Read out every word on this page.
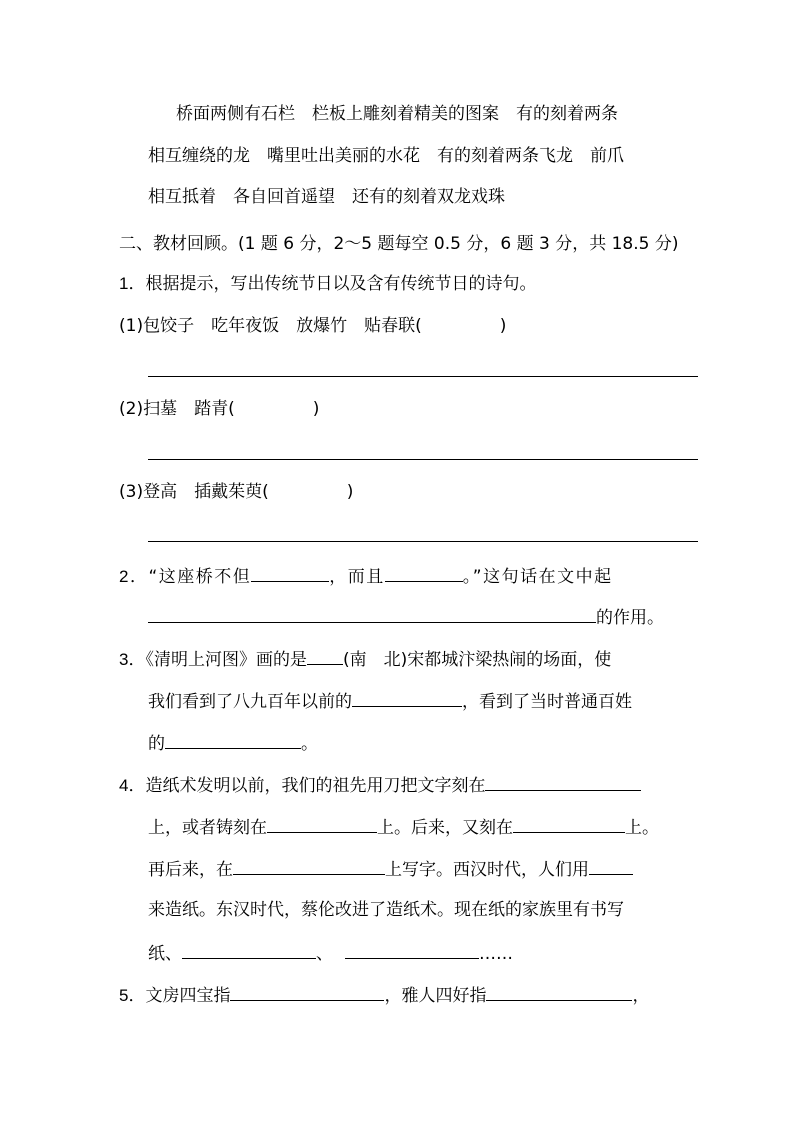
桥面两侧有石栏　栏板上雕刻着精美的图案　有的刻着两条
相互缠绕的龙　嘴里吐出美丽的水花　有的刻着两条飞龙　前爪
相互抵着　各自回首遥望　还有的刻着双龙戏珠
二、教材回顾。(1 题 6 分，2～5 题每空 0.5 分，6 题 3 分，共 18.5 分)
1．根据提示，写出传统节日以及含有传统节日的诗句。
(1)包饺子　吃年夜饭　放爆竹　贴春联(	)
(2)扫墓　踏青(	)
(3)登高　插戴茱萸(	)
2．“这座桥不但	，而且	。”这句话在文中起
的作用。
3．《清明上河图》画的是 (南　北)宋都城汴梁热闹的场面，使
我们看到了八九百年以前的	，看到了当时普通百姓
的	。
4．造纸术发明以前，我们的祖先用刀把文字刻在
上，或者铸刻在	上。后来，又刻在	上。
再后来，在	上写字。西汉时代，人们用
来造纸。东汉时代，蔡伦改进了造纸术。现在纸的家族里有书写
纸、	、	……
5．文房四宝指	，雅人四好指	，
